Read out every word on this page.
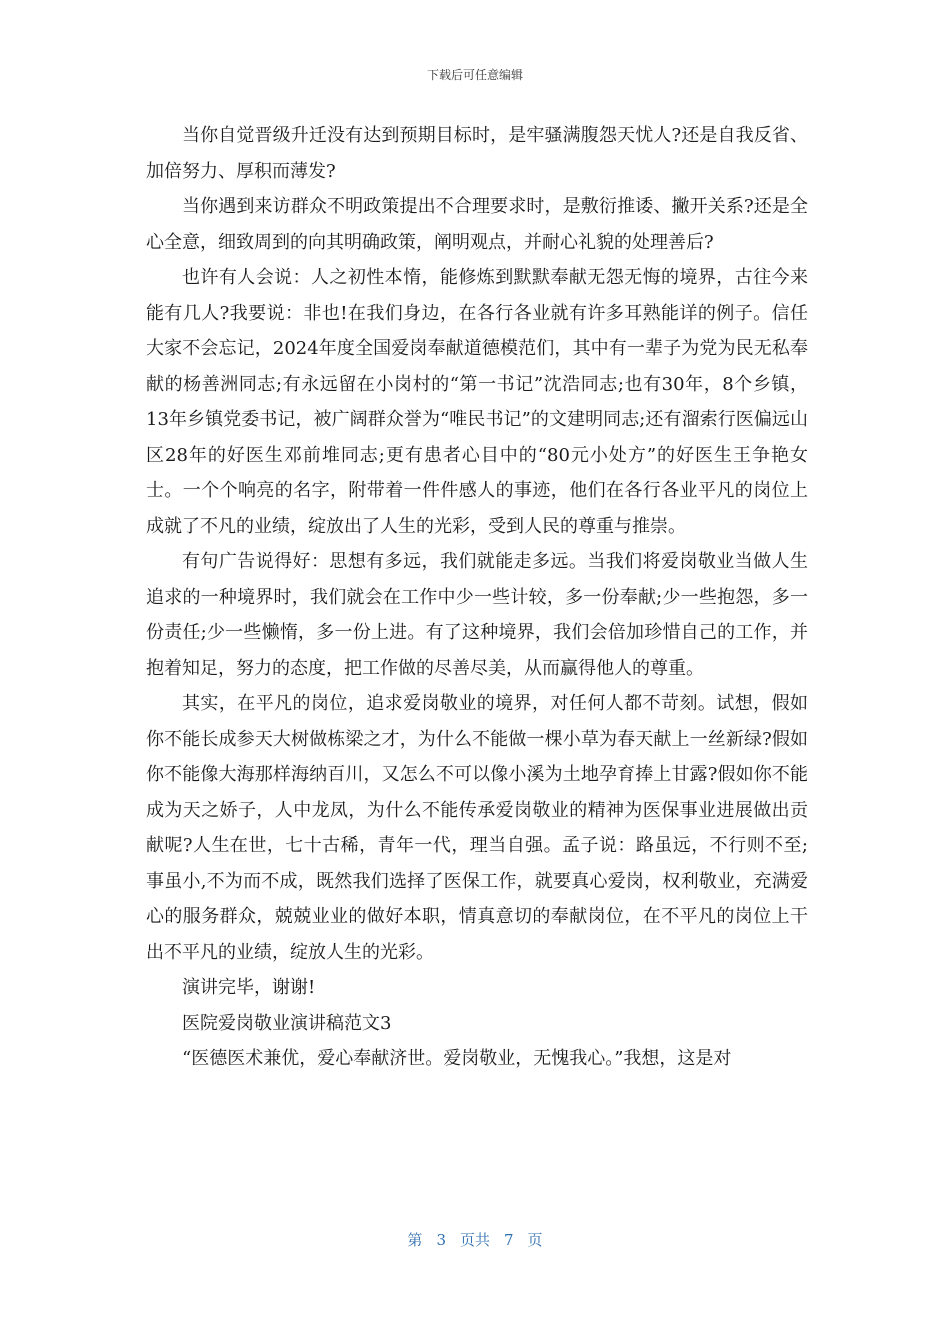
下载后可任意编辑

当你自觉晋级升迁没有达到预期目标时，是牢骚满腹怨天忧人?还是自我反省、加倍努力、厚积而薄发?

当你遇到来访群众不明政策提出不合理要求时，是敷衍推诿、撇开关系?还是全心全意，细致周到的向其明确政策，阐明观点，并耐心礼貌的处理善后?

也许有人会说：人之初性本惰，能修炼到默默奉献无怨无悔的境界，古往今来能有几人?我要说：非也!在我们身边，在各行各业就有许多耳熟能详的例子。信任大家不会忘记，2024年度全国爱岗奉献道德模范们，其中有一辈子为党为民无私奉献的杨善洲同志;有永远留在小岗村的“第一书记”沈浩同志;也有30年，8个乡镇，13年乡镇党委书记，被广阔群众誉为“唯民书记”的文建明同志;还有溜索行医偏远山区28年的好医生邓前堆同志;更有患者心目中的“80元小处方”的好医生王争艳女士。一个个响亮的名字，附带着一件件感人的事迹，他们在各行各业平凡的岗位上成就了不凡的业绩，绽放出了人生的光彩，受到人民的尊重与推崇。

有句广告说得好：思想有多远，我们就能走多远。当我们将爱岗敬业当做人生追求的一种境界时，我们就会在工作中少一些计较，多一份奉献;少一些抱怨，多一份责任;少一些懒惰，多一份上进。有了这种境界，我们会倍加珍惜自己的工作，并抱着知足，努力的态度，把工作做的尽善尽美，从而赢得他人的尊重。

其实，在平凡的岗位，追求爱岗敬业的境界，对任何人都不苛刻。试想，假如你不能长成参天大树做栋梁之才，为什么不能做一棵小草为春天献上一丝新绿?假如你不能像大海那样海纳百川，又怎么不可以像小溪为土地孕育捧上甘露?假如你不能成为天之娇子，人中龙凤，为什么不能传承爱岗敬业的精神为医保事业进展做出贡献呢?人生在世，七十古稀，青年一代，理当自强。孟子说：路虽远，不行则不至;事虽小,不为而不成，既然我们选择了医保工作，就要真心爱岗，权利敬业，充满爱心的服务群众，兢兢业业的做好本职，情真意切的奉献岗位，在不平凡的岗位上干出不平凡的业绩，绽放人生的光彩。

演讲完毕，谢谢!

医院爱岗敬业演讲稿范文3

“医德医术兼优，爱心奉献济世。爱岗敬业，无愧我心。”我想，这是对

第 3 页共 7 页
